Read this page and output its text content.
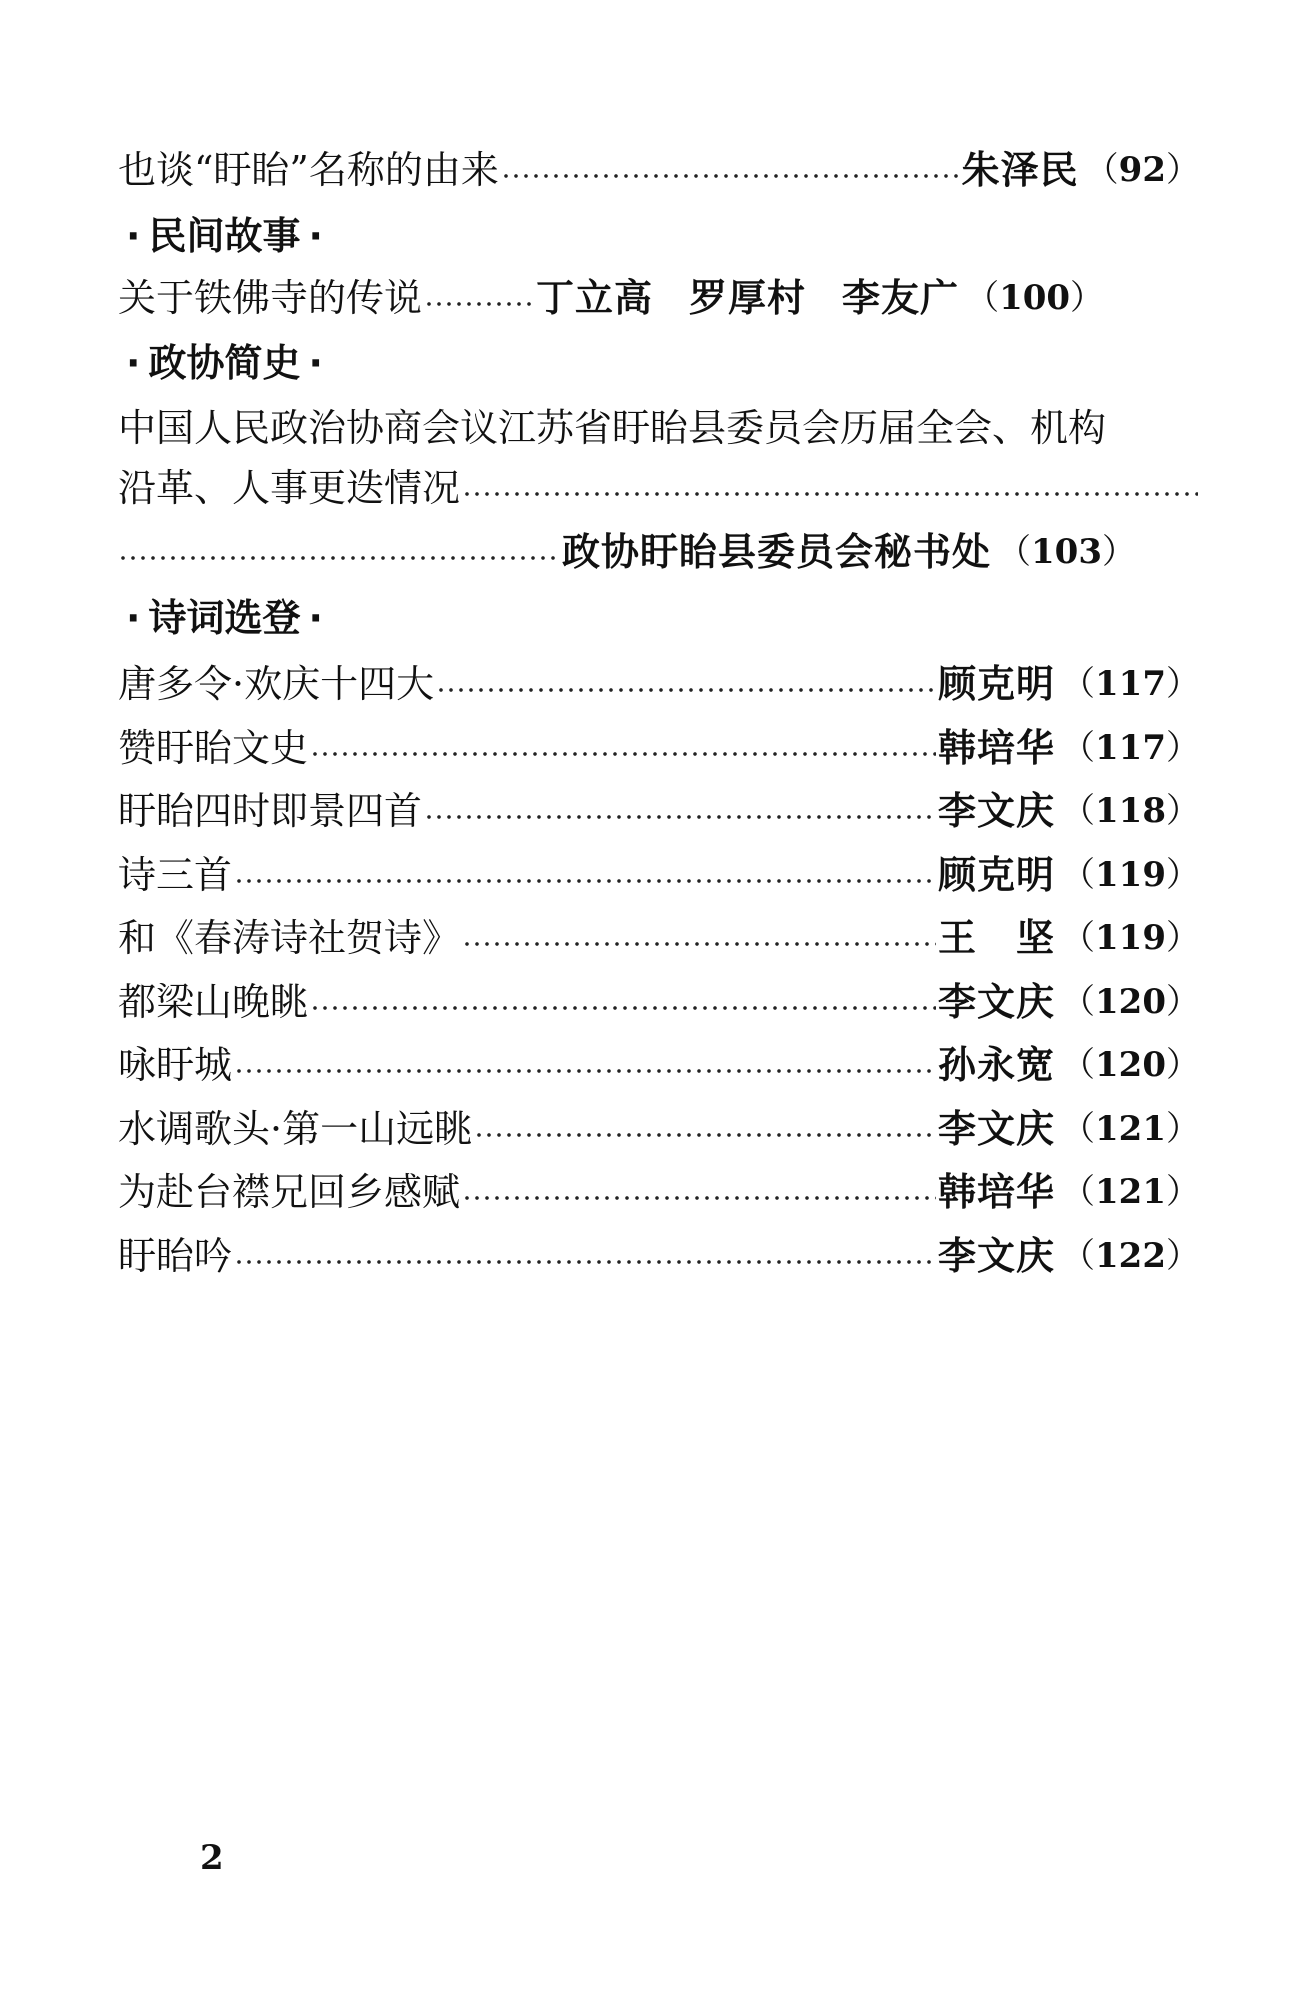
也谈“盱眙”名称的由来	朱泽民 （92）
· 民间故事 ·
关于铁佛寺的传说	丁立高 罗厚村 李友广 （100）
· 政协简史 ·
中国人民政治协商会议江苏省盱眙县委员会历届全会、机构
沿革、人事更迭情况
政协盱眙县委员会秘书处 （103）
· 诗词选登 ·
唐多令·欢庆十四大	顾克明 （117）
赞盱眙文史	韩培华 （117）
盱眙四时即景四首	李文庆 （118）
诗三首	顾克明 （119）
和《春涛诗社贺诗》	王　坚 （119）
都梁山晚眺	李文庆 （120）
咏盱城	孙永宽 （120）
水调歌头·第一山远眺	李文庆 （121）
为赴台襟兄回乡感赋	韩培华 （121）
盱眙吟	李文庆 （122）
2
